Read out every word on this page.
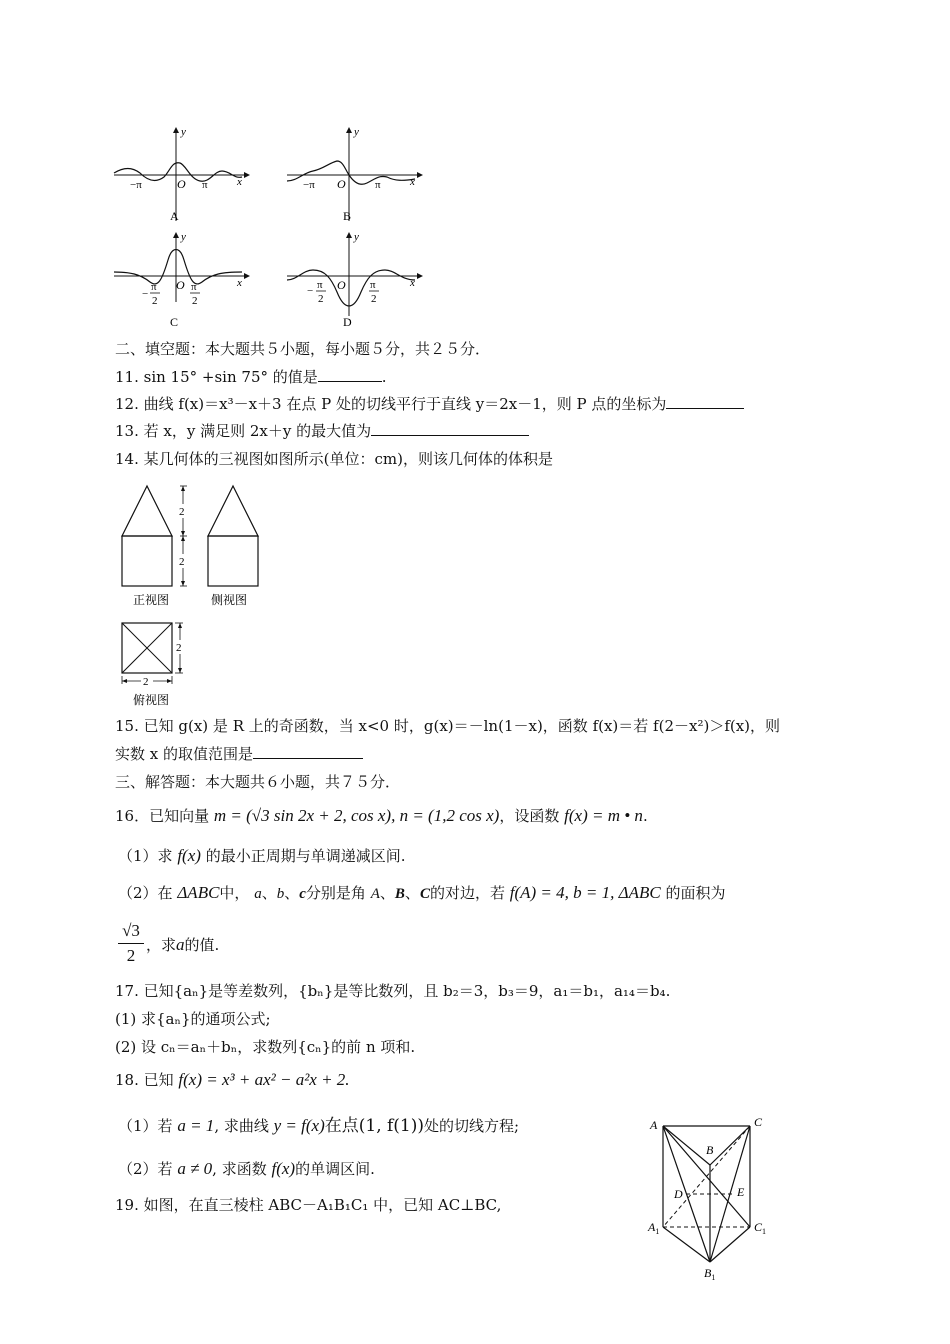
y
x
O
−π	π
A
y
x
O
−π	π
B
y
x
O
−
π
2
π
2
C
y
x
O
− π
2
π
2
D
二、填空题：本大题共５小题，每小题５分，共２５分．
11. sin 15° +sin 75° 的值是	.
12. 曲线 f(x)＝x³－x＋3 在点 P 处的切线平行于直线 y＝2x－1，则 P 点的坐标为
13. 若 x，y 满足则 2x＋y 的最大值为
14. 某几何体的三视图如图所示(单位：cm)，则该几何体的体积是
2
2
正视图	侧视图
2
2
俯视图
15. 已知 g(x) 是 R 上的奇函数，当 x<0 时，g(x)＝－ln(1－x)，函数 f(x)＝若 f(2－x²)＞f(x)，则
实数 x 的取值范围是
三、解答题：本大题共６小题，共７５分．
16．已知向量 m = (√3 sin 2x + 2, cos x), n = (1,2 cos x)，设函数 f(x) = m • n.
（1）求 f(x) 的最小正周期与单调递减区间.
（2）在 ΔABC中， a、b、c分别是角 A、B、C的对边，若 f(A) = 4, b = 1, ΔABC 的面积为
√3
2
，求a的值.
17. 已知{aₙ}是等差数列，{bₙ}是等比数列，且 b₂＝3，b₃＝9，a₁＝b₁，a₁₄＝b₄.
(1) 求{aₙ}的通项公式;
(2) 设 cₙ＝aₙ＋bₙ，求数列{cₙ}的前 n 项和.
18. 已知 f(x) = x³ + ax² − a²x + 2.
（1）若 a = 1, 求曲线 y = f(x)在点(1, f(1))处的切线方程;
（2）若 a ≠ 0, 求函数 f(x)的单调区间.
19. 如图，在直三棱柱 ABC－A₁B₁C₁ 中，已知 AC⊥BC,
A	C
B
D	E
$A_1$	$C_1$
$B_1$
